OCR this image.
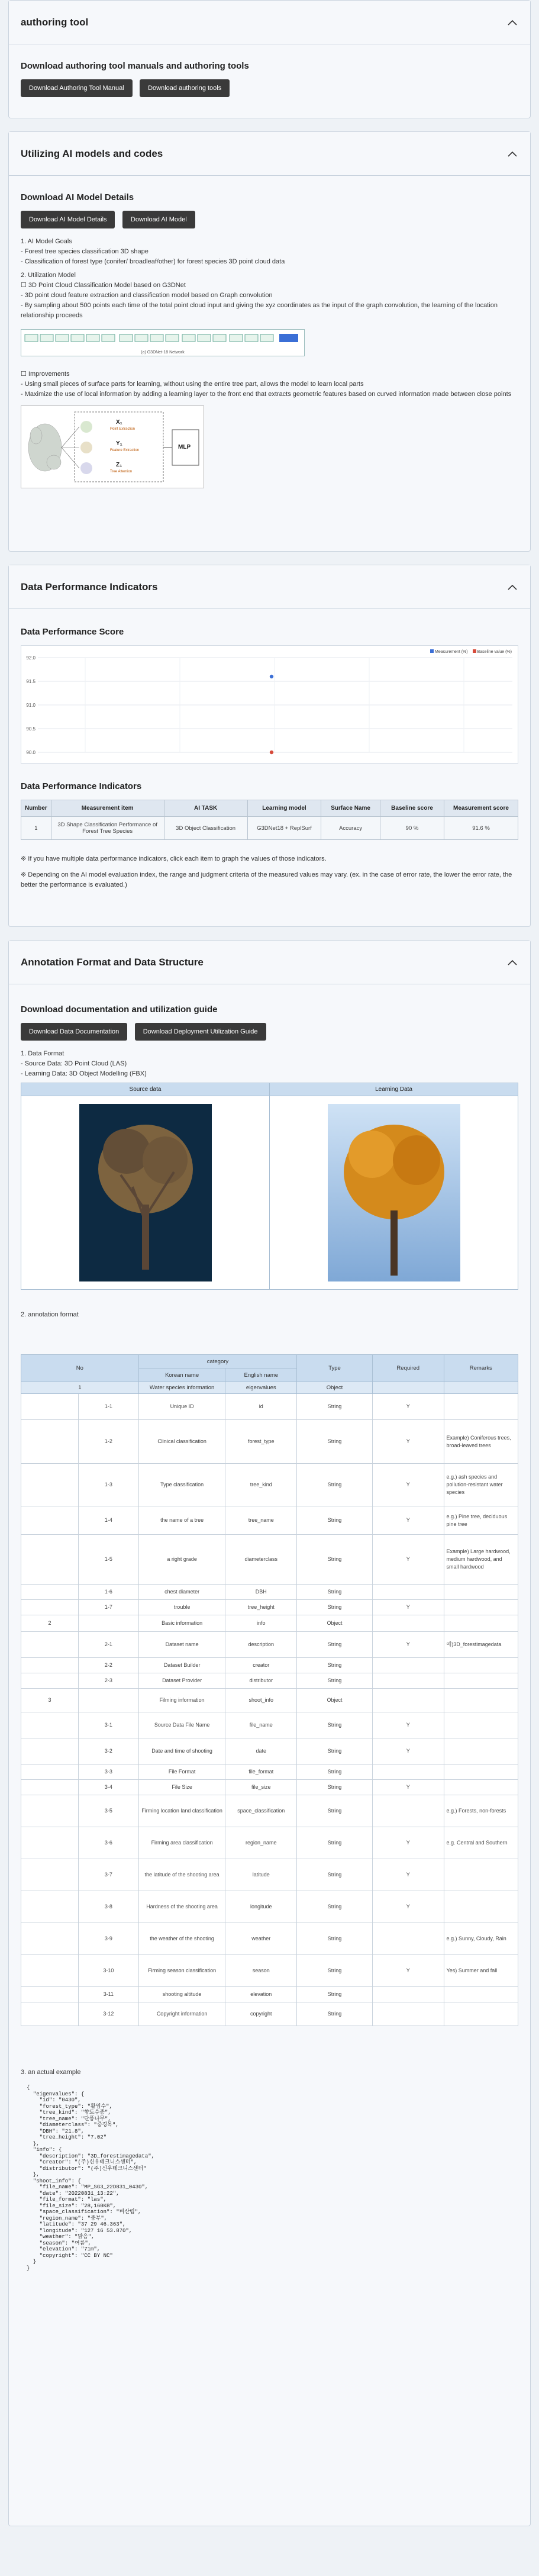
authoring tool
Download authoring tool manuals and authoring tools
Download Authoring Tool Manual	Download authoring tools
Utilizing AI models and codes
Download AI Model Details
Download AI Model Details	Download AI Model
1. AI Model Goals
- Forest tree species classification 3D shape
- Classification of forest type (conifer/ broadleaf/other) for forest species 3D point cloud data
2. Utilization Model
☐ 3D Point Cloud Classification Model based on G3DNet
- 3D point cloud feature extraction and classification model based on Graph convolution
- By sampling about 500 points each time of the total point cloud input and giving the xyz coordinates as the input of the graph convolution, the learning of the location relationship proceeds
(a) G3DNet-18 Network
☐ Improvements
- Using small pieces of surface parts for learning, without using the entire tree part, allows the model to learn local parts
- Maximize the use of local information by adding a learning layer to the front end that extracts geometric features based on curved information made between close points
X₁
Point Extraction
Y₁
Feature Extraction
Z₁
Tree Attention
MLP
Data Performance Indicators
Data Performance Score
Measurement (%)	Baseline value (%)
92.0
91.5
91.0
90.5
90.0
Data Performance Indicators
Number	Measurement item	AI TASK	Learning model	Surface Name	Baseline score	Measurement score
1	3D Shape Classification Performance of Forest Tree Species	3D Object Classification	G3DNet18 + ReplSurf	Accuracy	90 %	91.6 %
※ If you have multiple data performance indicators, click each item to graph the values of those indicators.
※ Depending on the AI model evaluation index, the range and judgment criteria of the measured values may vary. (ex. in the case of error rate, the lower the error rate, the better the performance is evaluated.)
Annotation Format and Data Structure
Download documentation and utilization guide
Download Data Documentation	Download Deployment Utilization Guide
1. Data Format
- Source Data: 3D Point Cloud (LAS)
- Learning Data: 3D Object Modelling (FBX)
Source data	Learning Data
2. annotation format
No		category		Type	Required	Remarks
		Korean name	English name			
1		Water species information	eigenvalues	Object		
	1-1	Unique ID	id	String	Y	
	1-2	Clinical classification	forest_type	String	Y	Example) Coniferous trees, broad-leaved trees
	1-3	Type classification	tree_kind	String	Y	e.g.) ash species and pollution-resistant water species
	1-4	the name of a tree	tree_name	String	Y	e.g.) Pine tree, deciduous pine tree
	1-5	a right grade	diameterclass	String	Y	Example) Large hardwood, medium hardwood, and small hardwood
	1-6	chest diameter	DBH	String		
	1-7	trouble	tree_height	String	Y	
2		Basic information	info	Object		
	2-1	Dataset name	description	String	Y	예)3D_forestimagedata
	2-2	Dataset Builder	creator	String		
	2-3	Dataset Provider	distributor	String		
3		Filming information	shoot_info	Object		
	3-1	Source Data File Name	file_name	String	Y	
	3-2	Date and time of shooting	date	String	Y	
	3-3	File Format	file_format	String		
	3-4	File Size	file_size	String	Y	
	3-5	Firming location land classification	space_classification	String		e.g.) Forests, non-forests
	3-6	Firming area classification	region_name	String	Y	e.g. Central and Southern
	3-7	the latitude of the shooting area	latitude	String	Y	
	3-8	Hardness of the shooting area	longitude	String	Y	
	3-9	the weather of the shooting	weather	String		e.g.) Sunny, Cloudy, Rain
	3-10	Firming season classification	season	String	Y	Yes) Summer and fall
	3-11	shooting altitude	elevation	String		
	3-12	Copyright information	copyright	String		
3. an actual example
{
"eigenvalues": {
"id": "0430",
"forest_type": "활엽수",
"tree_kind": "향토수종",
"tree_name": "단풍나무",
"diameterclass": "중경목",
"DBH": "21.8",
"tree_height": "7.02"
},
"info": {
"description": "3D_forestimagedata",
"creator": "(주)신우테크니스센터",
"distributor": "(주)신우테크니스센터"
},
"shoot_info": {
"file_name": "MP_SG3_22D831_0430",
"date": "20220831_13:22",
"file_format": "las",
"file_size": "28,160KB",
"space_classification": "비산림",
"region_name": "중부",
"latitude": "37 29 46.363",
"longitude": "127 16 53.870",
"weather": "맑음",
"season": "여름",
"elevation": "71m",
"copyright": "CC BY NC"
}
}
